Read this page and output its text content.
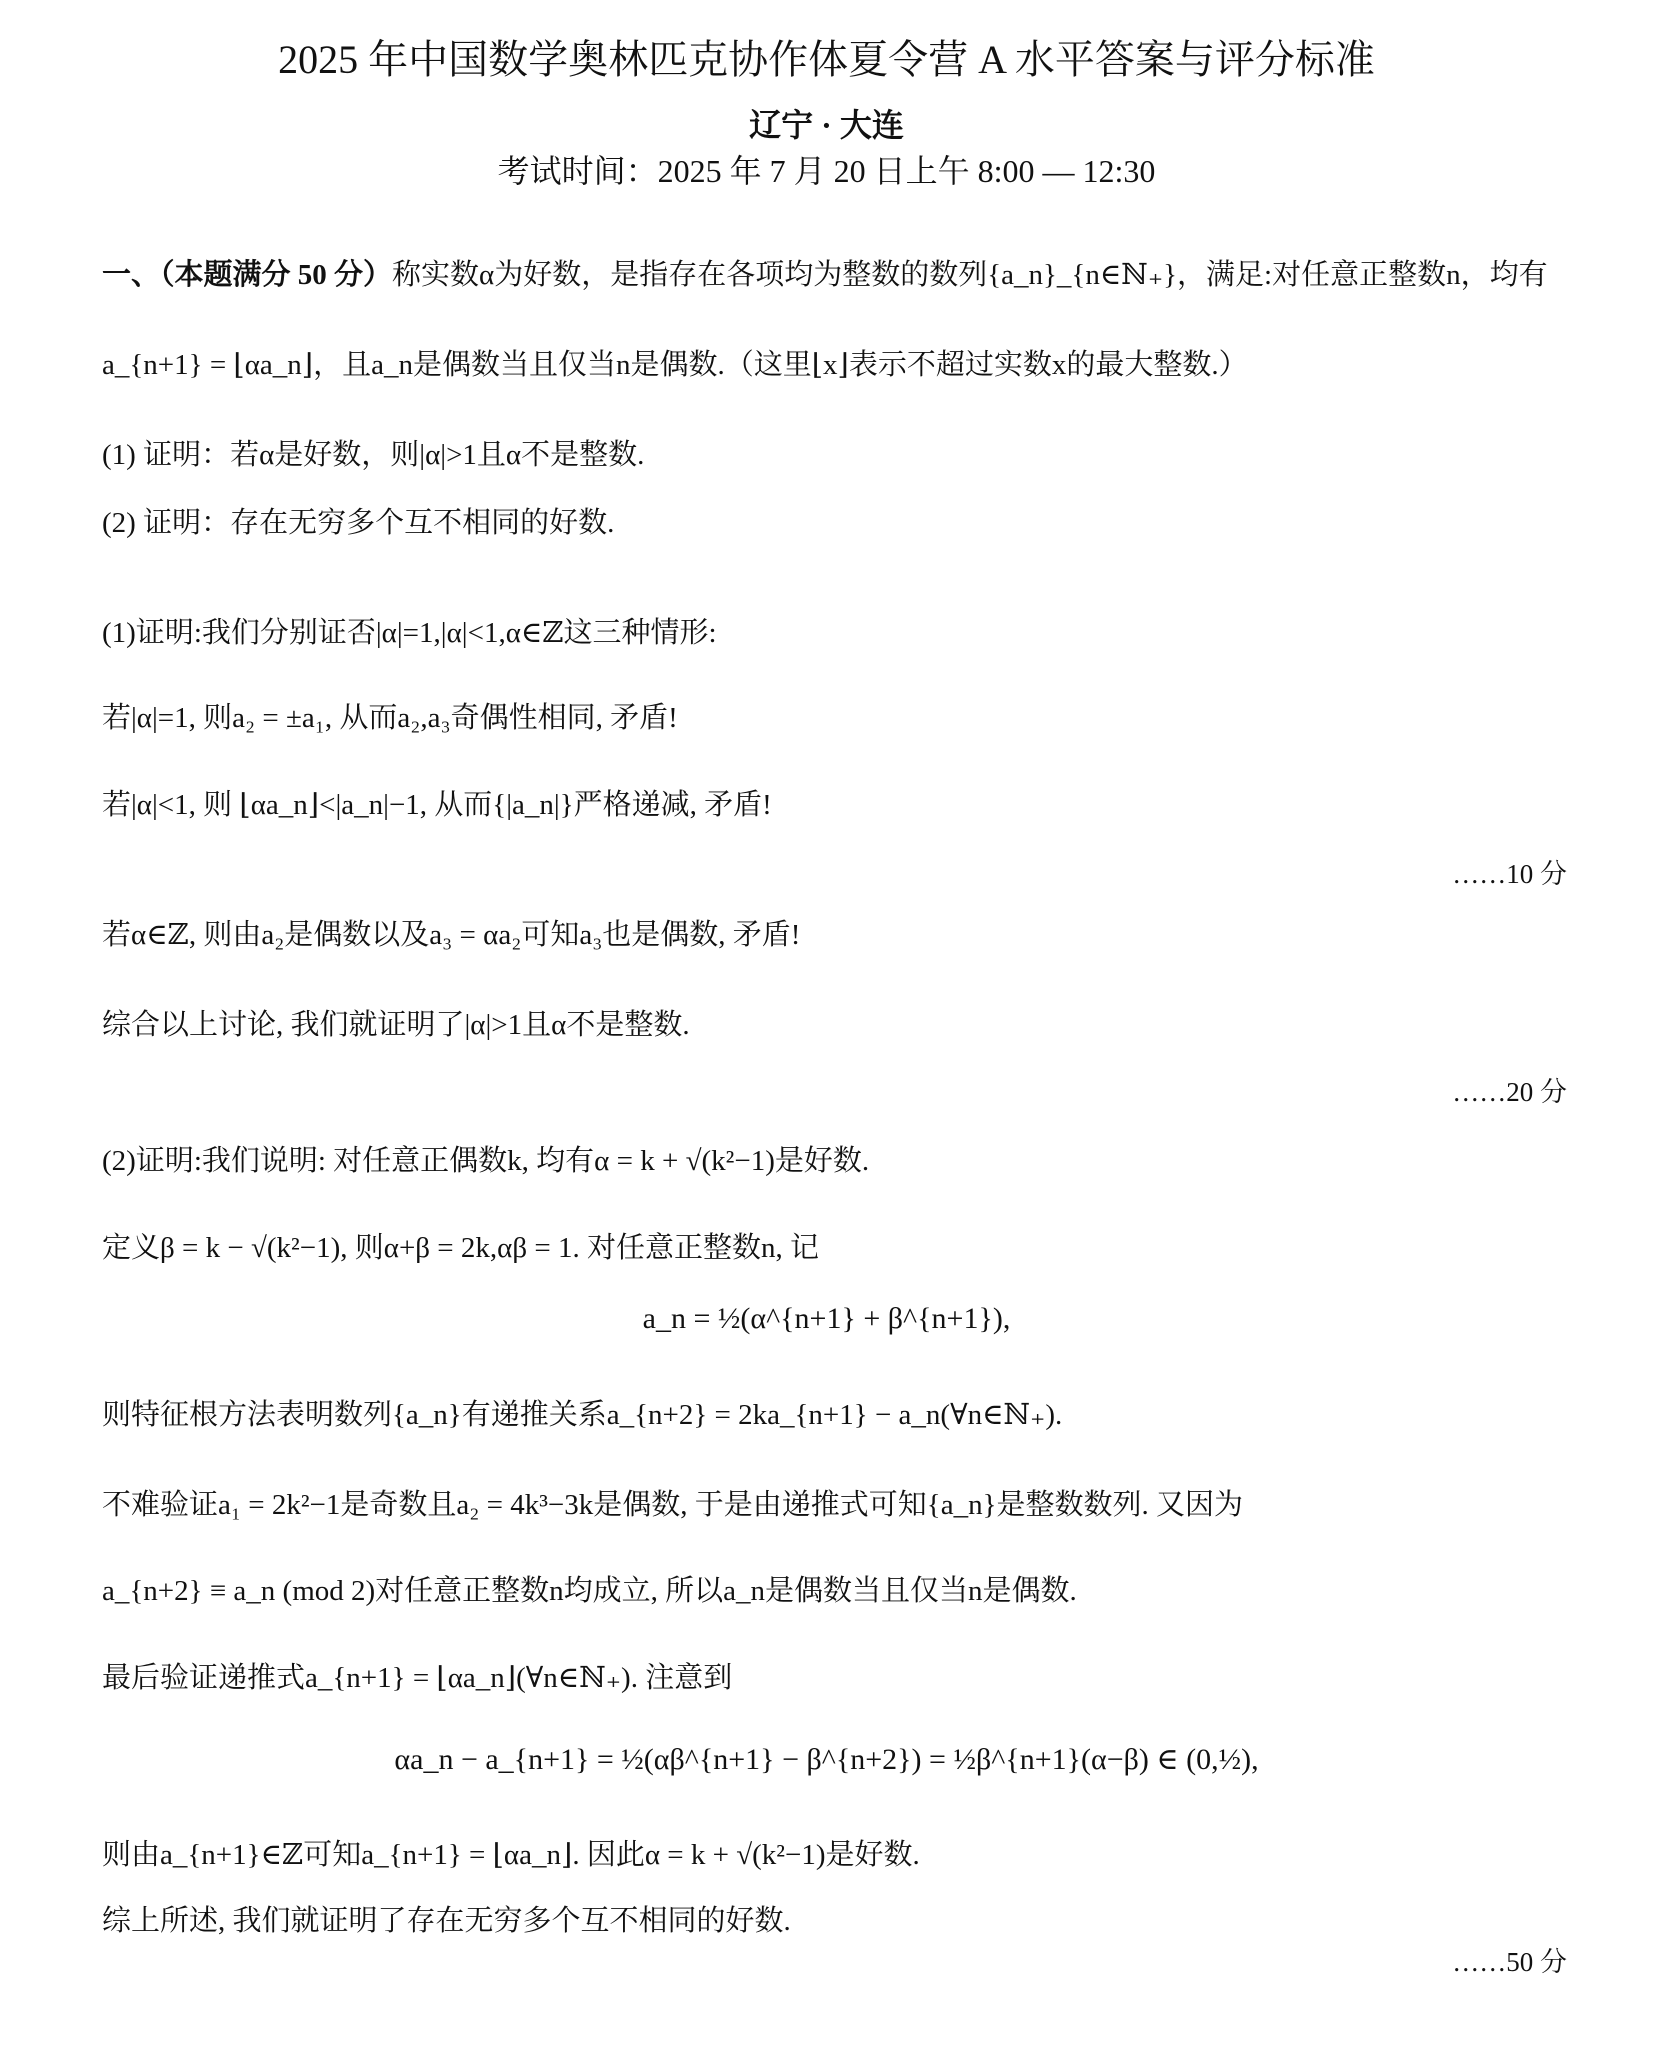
2025 年中国数学奥林匹克协作体夏令营 A 水平答案与评分标准
辽宁 · 大连
考试时间：2025 年 7 月 20 日上午 8:00 — 12:30
一、（本题满分 50 分）称实数α为好数，是指存在各项均为整数的数列{a_n}_{n∈ℕ₊}，满足:对任意正整数n，均有
a_{n+1} = ⌊αa_n⌋，且a_n是偶数当且仅当n是偶数.（这里⌊x⌋表示不超过实数x的最大整数.）
(1) 证明：若α是好数，则|α|>1且α不是整数.
(2) 证明：存在无穷多个互不相同的好数.
(1)证明:我们分别证否|α|=1,|α|<1,α∈ℤ这三种情形:
若|α|=1, 则a₂ = ±a₁, 从而a₂,a₃奇偶性相同, 矛盾!
若|α|<1, 则 ⌊αa_n⌋<|a_n|−1, 从而{|a_n|}严格递减, 矛盾!
……10 分
若α∈ℤ, 则由a₂是偶数以及a₃ = αa₂可知a₃也是偶数, 矛盾!
综合以上讨论, 我们就证明了|α|>1且α不是整数.
……20 分
(2)证明:我们说明: 对任意正偶数k, 均有α = k + √(k²−1)是好数.
定义β = k − √(k²−1), 则α+β = 2k,αβ = 1. 对任意正整数n, 记
a_n = ½(α^{n+1} + β^{n+1}),
则特征根方法表明数列{a_n}有递推关系a_{n+2} = 2ka_{n+1} − a_n(∀n∈ℕ₊).
不难验证a₁ = 2k²−1是奇数且a₂ = 4k³−3k是偶数, 于是由递推式可知{a_n}是整数数列. 又因为
a_{n+2} ≡ a_n (mod 2)对任意正整数n均成立, 所以a_n是偶数当且仅当n是偶数.
最后验证递推式a_{n+1} = ⌊αa_n⌋(∀n∈ℕ₊). 注意到
αa_n − a_{n+1} = ½(αβ^{n+1} − β^{n+2}) = ½β^{n+1}(α−β) ∈ (0,½),
则由a_{n+1}∈ℤ可知a_{n+1} = ⌊αa_n⌋. 因此α = k + √(k²−1)是好数.
综上所述, 我们就证明了存在无穷多个互不相同的好数.
……50 分
